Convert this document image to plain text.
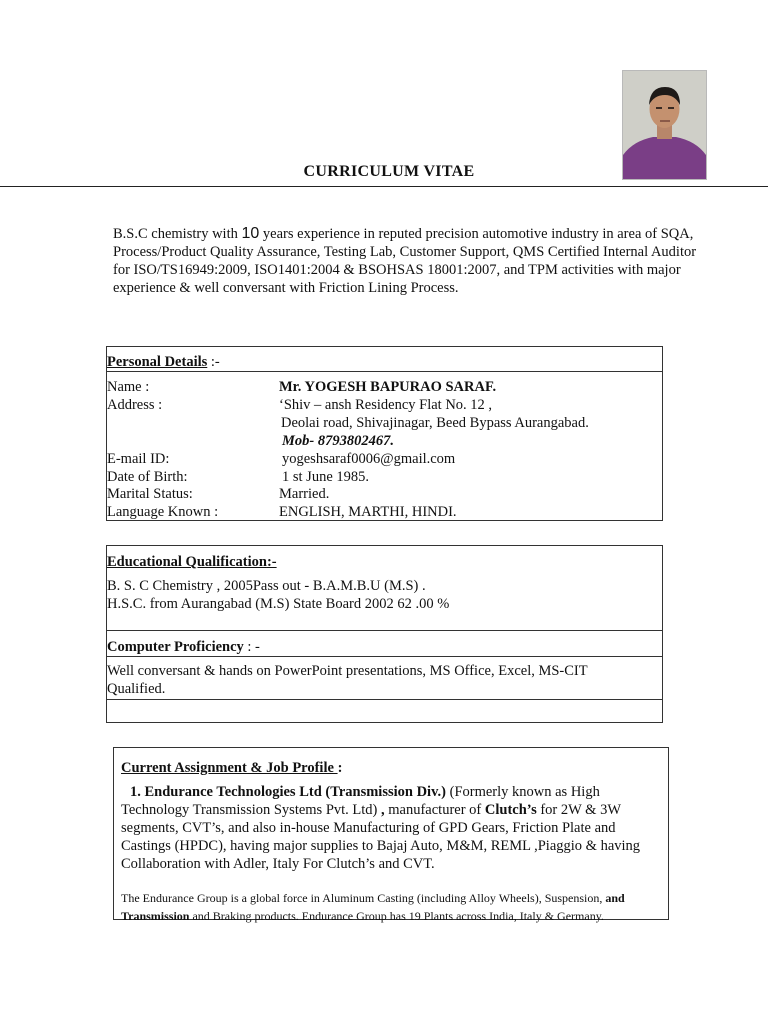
CURRICULUM VITAE
B.S.C chemistry with 10 years experience in reputed precision automotive industry in area of SQA, Process/Product Quality Assurance, Testing Lab, Customer Support, QMS Certified Internal Auditor for ISO/TS16949:2009, ISO1401:2004 & BSOHSAS 18001:2007, and TPM activities with major experience & well conversant with Friction Lining Process.
Personal Details :-
Name :	Mr. YOGESH BAPURAO SARAF.
Address :	‘Shiv – ansh Residency Flat No. 12 ,
Deolai road, Shivajinagar, Beed Bypass Aurangabad.
Mob- 8793802467.
E-mail ID:	yogeshsaraf0006@gmail.com
Date of Birth:	1 st June 1985.
Marital Status:	Married.
Language Known :	ENGLISH, MARTHI, HINDI.
Educational Qualification:-
B. S. C Chemistry , 2005Pass out - B.A.M.B.U (M.S) .
H.S.C. from Aurangabad (M.S) State Board 2002 62 .00 %
Computer Proficiency : -
Well conversant & hands on PowerPoint presentations, MS Office, Excel, MS-CIT Qualified.
Current Assignment & Job Profile :
1. Endurance Technologies Ltd (Transmission Div.) (Formerly known as High Technology Transmission Systems Pvt. Ltd) , manufacturer of Clutch’s for 2W & 3W segments, CVT’s, and also in-house Manufacturing of GPD Gears, Friction Plate and Castings (HPDC), having major supplies to Bajaj Auto, M&M, REML ,Piaggio & having Collaboration with Adler, Italy For Clutch’s and CVT.
The Endurance Group is a global force in Aluminum Casting (including Alloy Wheels), Suspension, and Transmission and Braking products. Endurance Group has 19 Plants across India, Italy & Germany.
